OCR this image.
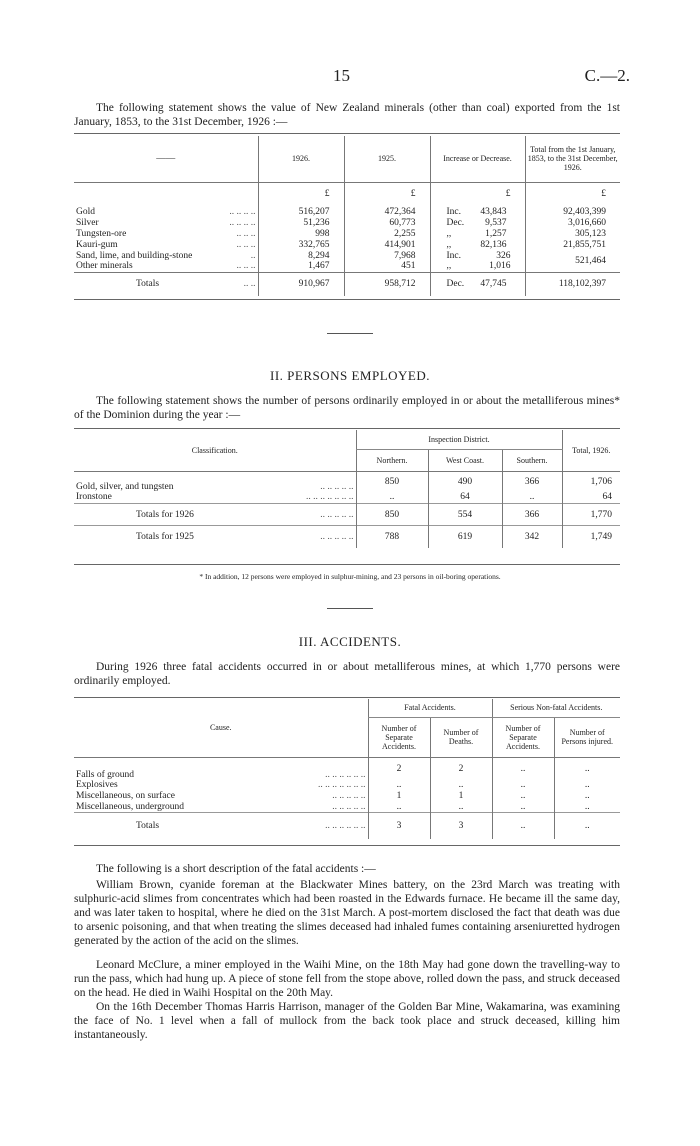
15	C.—2.

The following statement shows the value of New Zealand minerals (other than coal) exported from the 1st January, 1853, to the 31st December, 1926 :—

——	1926.	1925.	Increase or Decrease.	Total from the 1st January, 1853, to the 31st December, 1926.
	£	£	£	£
Gold .. .. .. ..	516,207	472,364	Inc. 43,843	92,403,399
Silver .. .. .. ..	51,236	60,773	Dec. 9,537	3,016,660
Tungsten-ore .. .. ..	998	2,255	,, 1,257	305,123
Kauri-gum .. .. ..	332,765	414,901	,, 82,136	21,855,751
Sand, lime, and building-stone ..	8,294	7,968	Inc. 326	521,464
Other minerals .. .. ..	1,467	451	,, 1,016	

Totals .. ..	910,967	958,712	Dec. 47,745	118,102,397
II. PERSONS EMPLOYED.

The following statement shows the number of persons ordinarily employed in or about the metalliferous mines* of the Dominion during the year :—

Classification.	Inspection District.			Total, 1926.
	Northern.	West Coast.	Southern.	
Gold, silver, and tungsten .. .. .. .. ..	850	490	366	1,706
Ironstone .. .. .. .. .. .. ..	..	64	..	64
Totals for 1926 .. .. .. .. ..	850	554	366	1,770
Totals for 1925 .. .. .. .. ..	788	619	342	1,749
* In addition, 12 persons were employed in sulphur-mining, and 23 persons in oil-boring operations.
III. ACCIDENTS.

During 1926 three fatal accidents occurred in or about metalliferous mines, at which 1,770 persons were ordinarily employed.

Cause.	Fatal Accidents.		Serious Non-fatal Accidents.	
	Number of Separate Accidents.	Number of Deaths.	Number of Separate Accidents.	Number of Persons injured.
Falls of ground .. .. .. .. .. ..	2	2	..	..
Explosives .. .. .. .. .. .. ..	..	..	..	..
Miscellaneous, on surface .. .. .. .. ..	1	1	..	..
Miscellaneous, underground .. .. .. .. ..	..	..	..	..
Totals .. .. .. .. .. ..	3	3	..	..

The following is a short description of the fatal accidents :—

William Brown, cyanide foreman at the Blackwater Mines battery, on the 23rd March was treating with sulphuric-acid slimes from concentrates which had been roasted in the Edwards furnace. He became ill the same day, and was later taken to hospital, where he died on the 31st March. A post-mortem disclosed the fact that death was due to arsenic poisoning, and that when treating the slimes deceased had inhaled fumes containing arseniuretted hydrogen generated by the action of the acid on the slimes.

Leonard McClure, a miner employed in the Waihi Mine, on the 18th May had gone down the travelling-way to run the pass, which had hung up. A piece of stone fell from the stope above, rolled down the pass, and struck deceased on the head. He died in Waihi Hospital on the 20th May.

On the 16th December Thomas Harris Harrison, manager of the Golden Bar Mine, Wakamarina, was examining the face of No. 1 level when a fall of mullock from the back took place and struck deceased, killing him instantaneously.
